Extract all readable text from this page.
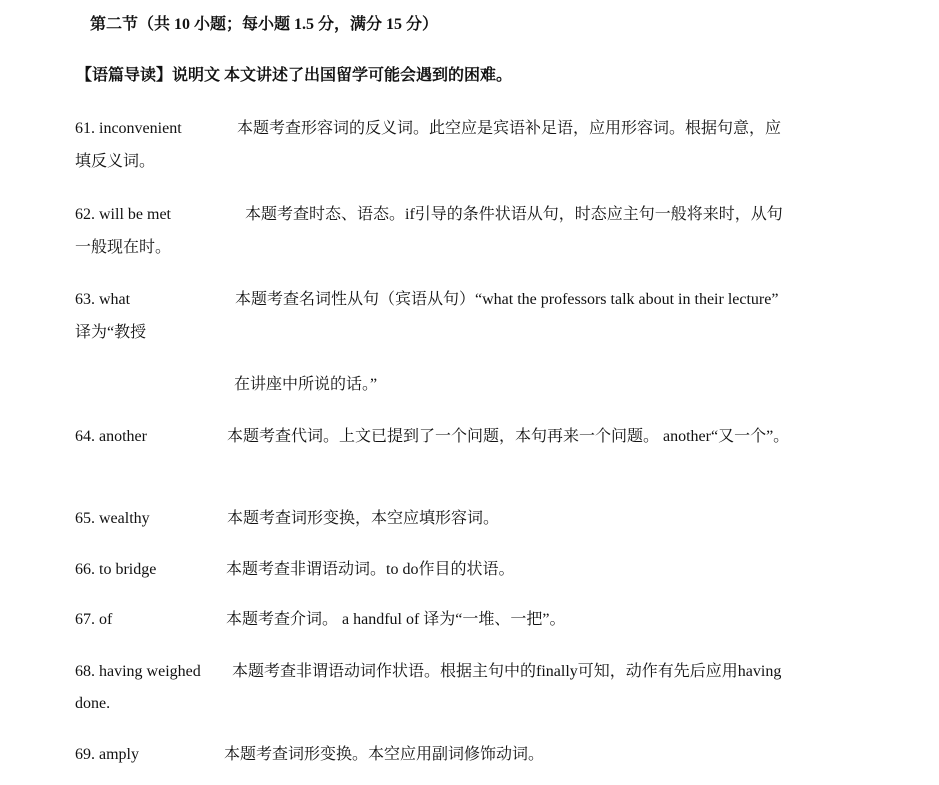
第二节（共 10 小题；每小题 1.5 分，满分 15 分）
【语篇导读】说明文 本文讲述了出国留学可能会遇到的困难。
61. inconvenient	本题考查形容词的反义词。此空应是宾语补足语，应用形容词。根据句意，应
填反义词。
62. will be met	本题考查时态、语态。if引导的条件状语从句，时态应主句一般将来时，从句
一般现在时。
63. what	本题考查名词性从句（宾语从句）“what the professors talk about in their lecture”
译为“教授
在讲座中所说的话。”
64. another	本题考查代词。上文已提到了一个问题，本句再来一个问题。 another“又一个”。
65. wealthy	本题考查词形变换，本空应填形容词。
66. to bridge	本题考查非谓语动词。to do作目的状语。
67. of	本题考查介词。 a handful of 译为“一堆、一把”。
68. having weighed 本题考查非谓语动词作状语。根据主句中的finally可知，动作有先后应用having
done.
69. amply	本题考查词形变换。本空应用副词修饰动词。
